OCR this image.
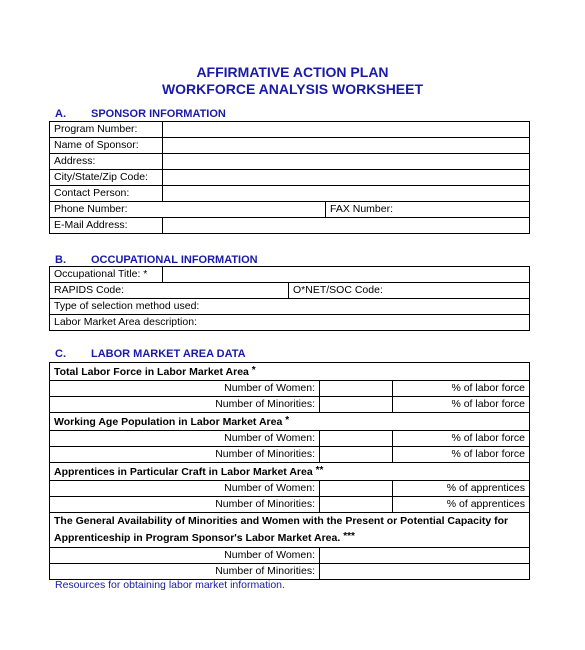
AFFIRMATIVE ACTION PLAN
WORKFORCE ANALYSIS WORKSHEET
A. SPONSOR INFORMATION
Program Number:		
Name of Sponsor:		
Address:		
City/State/Zip Code:		
Contact Person:		
Phone Number:		FAX Number:
E-Mail Address:		
B. OCCUPATIONAL INFORMATION
Occupational Title: *		
RAPIDS Code:		O*NET/SOC Code:
Type of selection method used:		
Labor Market Area description:		
C. LABOR MARKET AREA DATA
Total Labor Force in Labor Market Area *		
Number of Women:		% of labor force
Number of Minorities:		% of labor force
Working Age Population in Labor Market Area *		
Number of Women:		% of labor force
Number of Minorities:		% of labor force
Apprentices in Particular Craft in Labor Market Area **		
Number of Women:		% of apprentices
Number of Minorities:		% of apprentices
The General Availability of Minorities and Women with the Present or Potential Capacity for Apprenticeship in Program Sponsor's Labor Market Area. ***		
Number of Women:		
Number of Minorities:		
Resources for obtaining labor market information.
